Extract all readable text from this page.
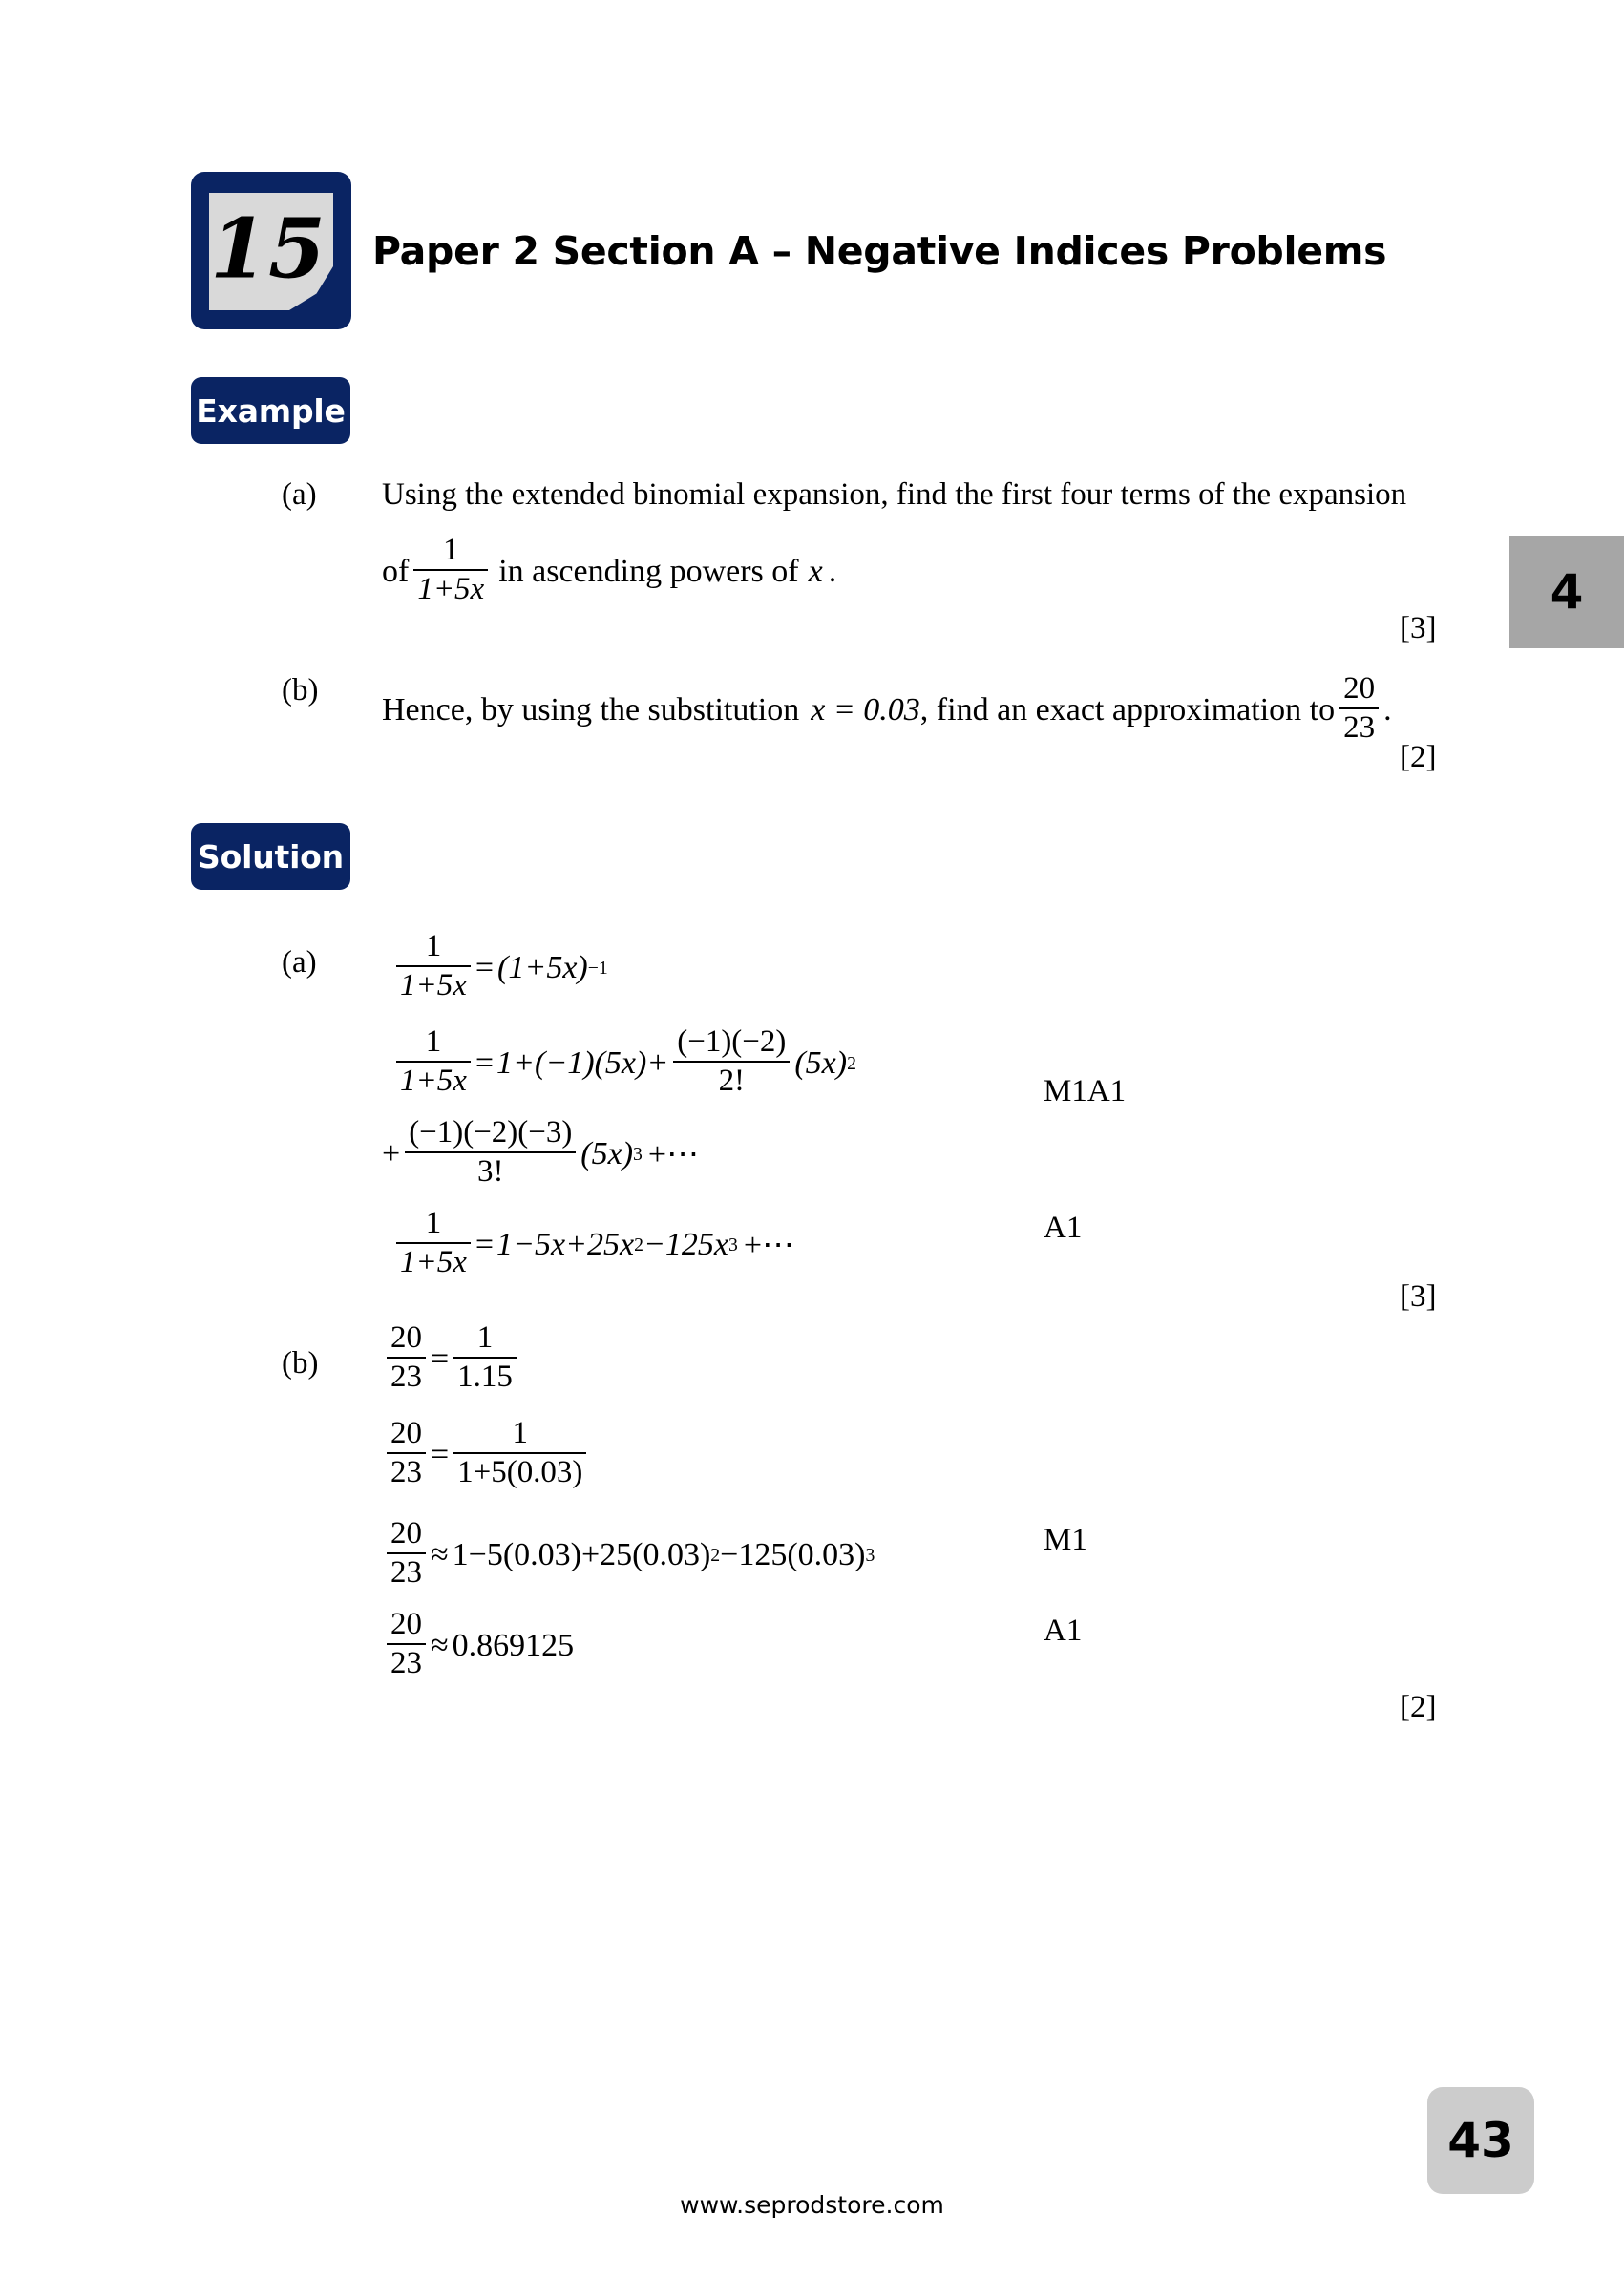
15	Paper 2 Section A – Negative Indices Problems
Example
4
(a) Using the extended binomial expansion, find the first four terms of the expansion
of $\frac{1}{1+5x}$ in ascending powers of x .
[3]
(b)
Hence, by using the substitution x = 0.03 , find an exact approximation to $\frac{20}{23}$ .
[2]
Solution
(a)	$\frac{1}{1+5x} = (1+5x) -1$
$\frac{1}{1+5x} = 1+(-1)(5x)+ \frac{(-1)(-2)}{2!} (5x)$ 2
M1A1
+ $\frac{(-1)(-2)(-3)}{3!} (5x)$ 3 +⋯
$\frac{1}{1+5x} = 1-5x+25x$ 2 −125x 3 +⋯	A1
[3]
$(b) \frac{20}{23} = \frac{1}{1.15}$
$\frac{20}{23} = \frac{1}{1+5(0.03)}$
$\frac{20}{23} \approx 1-5(0.03)+25(0.03)$ 2 −125(0.03) 3	M1
$\frac{20}{23} \approx 0.869125$	A1
[2]
43
www.seprodstore.com
